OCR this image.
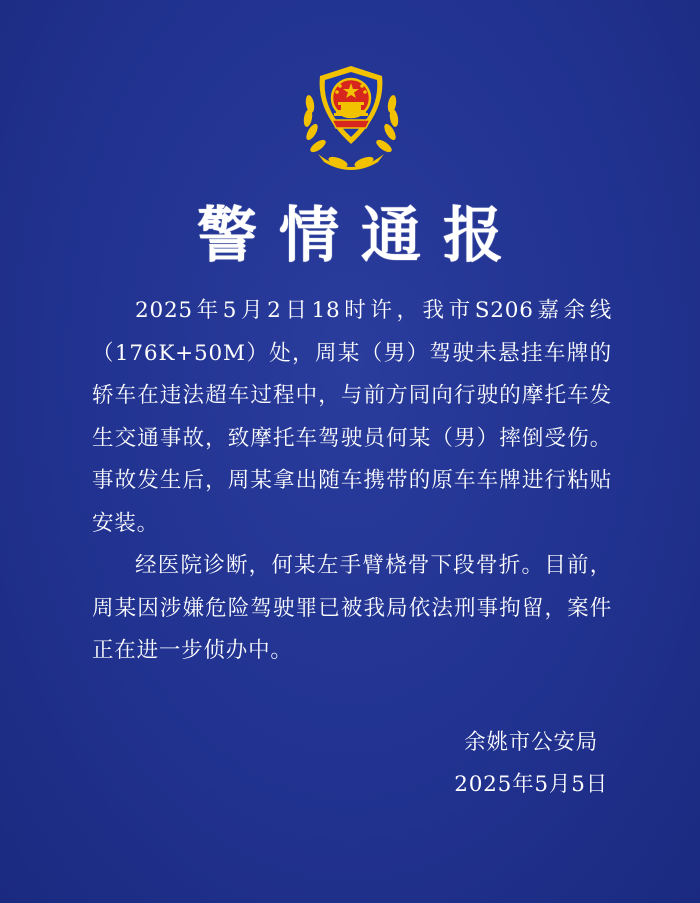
警情通报

2025年5月2日18时许，我市S206嘉余线（176K+50M）处，周某（男）驾驶未悬挂车牌的轿车在违法超车过程中，与前方同向行驶的摩托车发生交通事故，致摩托车驾驶员何某（男）摔倒受伤。事故发生后，周某拿出随车携带的原车车牌进行粘贴安装。

经医院诊断，何某左手臂桡骨下段骨折。目前，周某因涉嫌危险驾驶罪已被我局依法刑事拘留，案件正在进一步侦办中。

余姚市公安局
2025年5月5日
